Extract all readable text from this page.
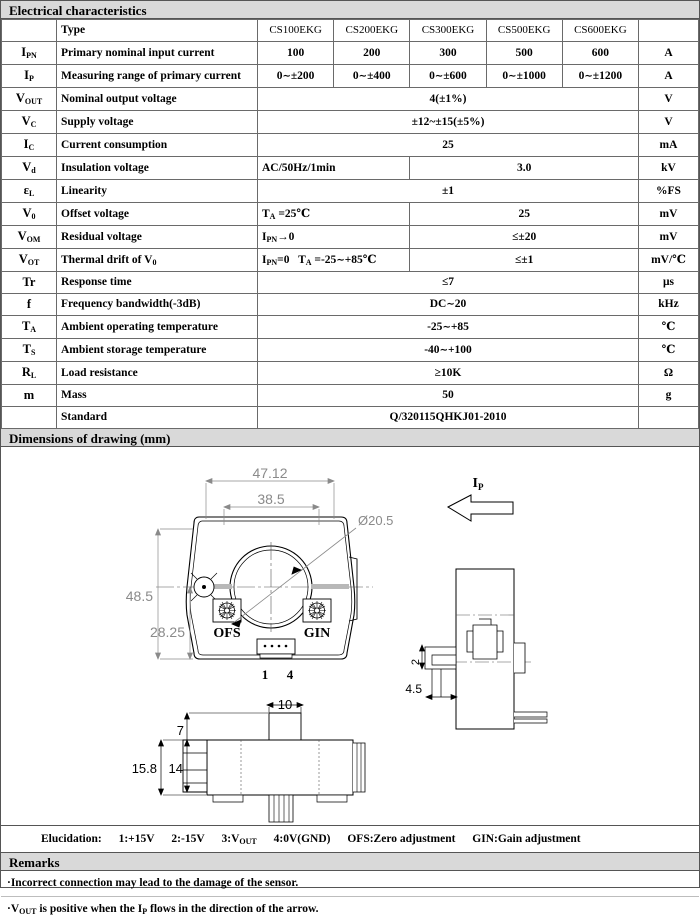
Electrical characteristics
	Type	CS100EKG	CS200EKG	CS300EKG	CS500EKG	CS600EKG	
$I_{PN}$	Primary nominal input current	100	200	300	500	600	A
$I_P$	Measuring range of primary current	0∼±200	0∼±400	0∼±600	0∼±1000	0∼±1200	A
$V_{OUT}$	Nominal output voltage	4(±1%)					V
$V_C$	Supply voltage	±12~±15(±5%)					V
$I_C$	Current consumption	25					mA
$V_d$	Insulation voltage	AC/50Hz/1min		3.0			kV
$\varepsilon_L$	Linearity	±1					%FS
$V_0$	Offset voltage	$T_A$ =25℃		25			mV
$V_{OM}$	Residual voltage	$I_{PN}\to 0$		≤±20			mV
$V_{OT}$	Thermal drift of $V_0$	$I_{PN}=0$   $T_A$ =-25∼+85℃		≤±1			mV/℃
Tr	Response time	≤7					μs
f	Frequency bandwidth(-3dB)	DC∼20					kHz
$T_A$	Ambient operating temperature	-25∼+85					℃
$T_S$	Ambient storage temperature	-40∼+100					℃
$R_L$	Load resistance	≥10K					Ω
m	Mass	50					g
	Standard	Q/320115QHKJ01-2010					
Dimensions of drawing (mm)
47.12
38.5
Ø20.5
48.5
28.25
2
4.5
15.8 14
7
10
OFS	GIN
$I_P$
1 4
Elucidation: 1:+15V 2:-15V $3:V_{OUT}$ 4:0V(GND) OFS:Zero adjustment GIN:Gain adjustment
Remarks
·Incorrect connection may lead to the damage of the sensor.
$\cdot V_{OUT}$ is positive when the $I_P$ flows in the direction of the arrow.
